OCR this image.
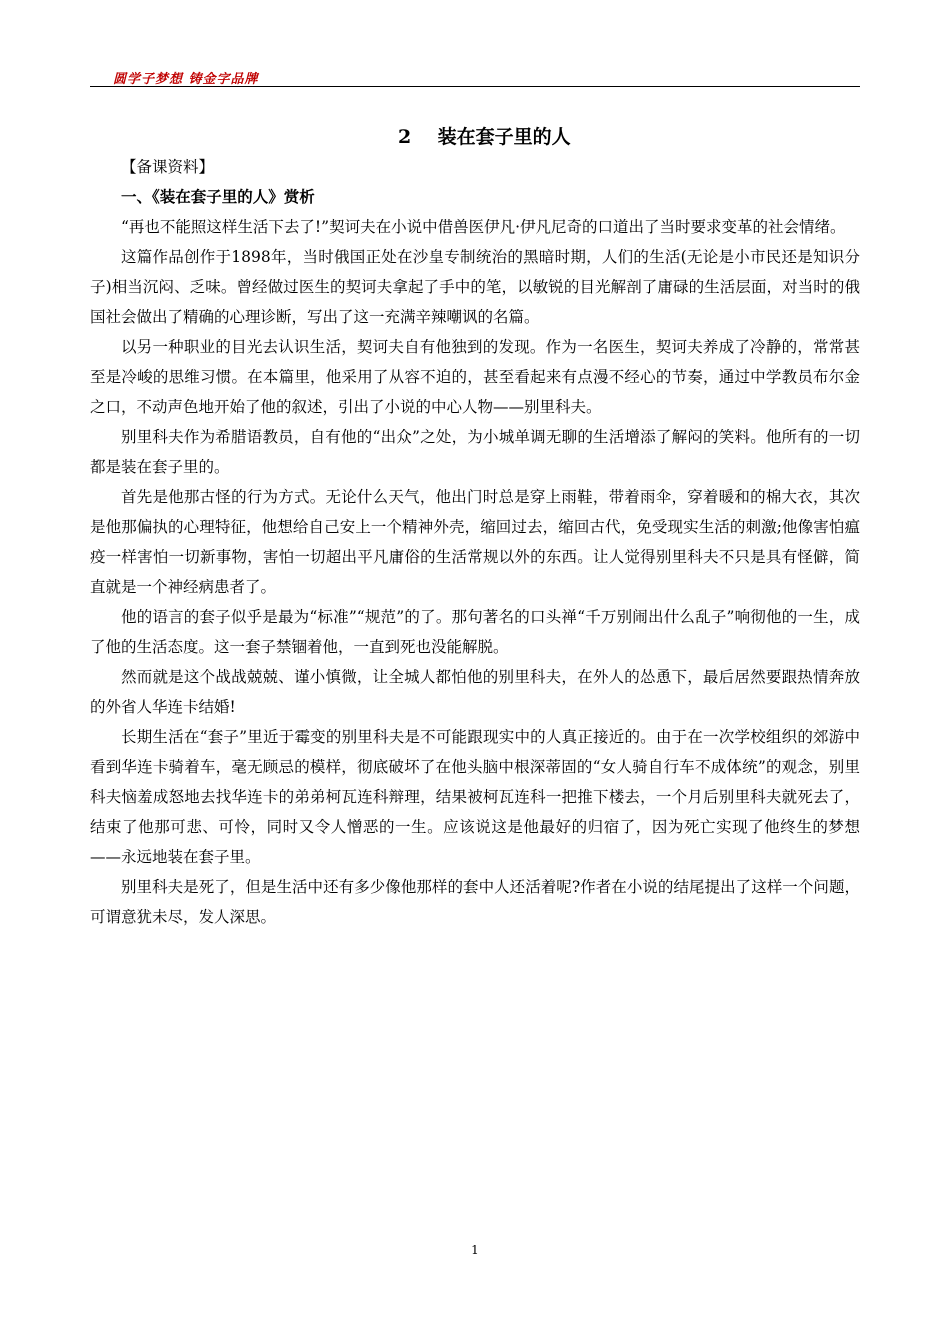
圆学子梦想 铸金字品牌
2    装在套子里的人

【备课资料】

一、《装在套子里的人》赏析

“再也不能照这样生活下去了!”契诃夫在小说中借兽医伊凡·伊凡尼奇的口道出了当时要求变革的社会情绪。

这篇作品创作于1898年，当时俄国正处在沙皇专制统治的黑暗时期，人们的生活(无论是小市民还是知识分子)相当沉闷、乏味。曾经做过医生的契诃夫拿起了手中的笔，以敏锐的目光解剖了庸碌的生活层面，对当时的俄国社会做出了精确的心理诊断，写出了这一充满辛辣嘲讽的名篇。

以另一种职业的目光去认识生活，契诃夫自有他独到的发现。作为一名医生，契诃夫养成了冷静的，常常甚至是冷峻的思维习惯。在本篇里，他采用了从容不迫的，甚至看起来有点漫不经心的节奏，通过中学教员布尔金之口，不动声色地开始了他的叙述，引出了小说的中心人物——别里科夫。

别里科夫作为希腊语教员，自有他的“出众”之处，为小城单调无聊的生活增添了解闷的笑料。他所有的一切都是装在套子里的。

首先是他那古怪的行为方式。无论什么天气，他出门时总是穿上雨鞋，带着雨伞，穿着暖和的棉大衣，其次是他那偏执的心理特征，他想给自己安上一个精神外壳，缩回过去，缩回古代，免受现实生活的刺激;他像害怕瘟疫一样害怕一切新事物，害怕一切超出平凡庸俗的生活常规以外的东西。让人觉得别里科夫不只是具有怪僻，简直就是一个神经病患者了。

他的语言的套子似乎是最为“标准”“规范”的了。那句著名的口头禅“千万别闹出什么乱子”响彻他的一生，成了他的生活态度。这一套子禁锢着他，一直到死也没能解脱。

然而就是这个战战兢兢、谨小慎微，让全城人都怕他的别里科夫，在外人的怂恿下，最后居然要跟热情奔放的外省人华连卡结婚!

长期生活在“套子”里近于霉变的别里科夫是不可能跟现实中的人真正接近的。由于在一次学校组织的郊游中看到华连卡骑着车，毫无顾忌的模样，彻底破坏了在他头脑中根深蒂固的“女人骑自行车不成体统”的观念，别里科夫恼羞成怒地去找华连卡的弟弟柯瓦连科辩理，结果被柯瓦连科一把推下楼去，一个月后别里科夫就死去了，结束了他那可悲、可怜，同时又令人憎恶的一生。应该说这是他最好的归宿了，因为死亡实现了他终生的梦想——永远地装在套子里。

别里科夫是死了，但是生活中还有多少像他那样的套中人还活着呢?作者在小说的结尾提出了这样一个问题，可谓意犹未尽，发人深思。

1
